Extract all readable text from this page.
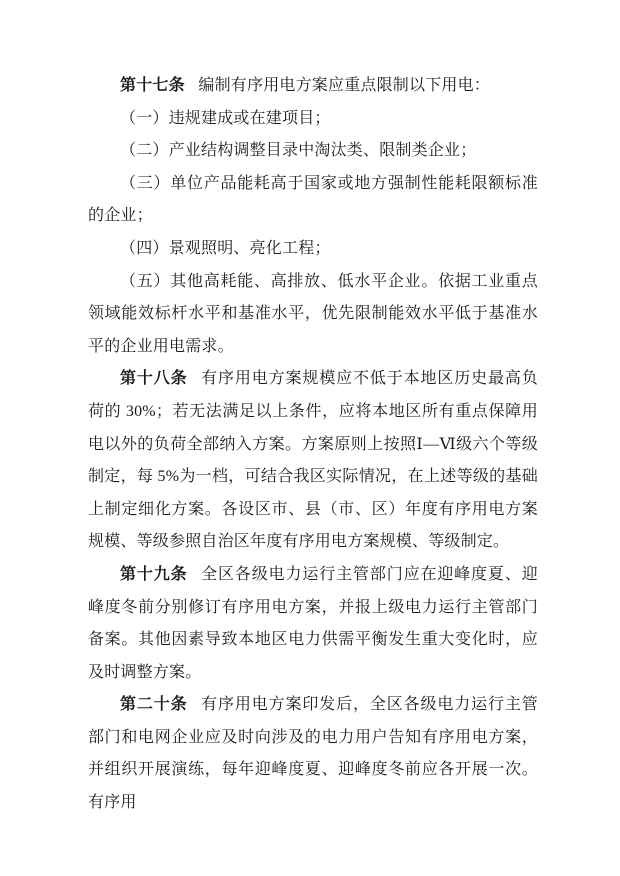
第十七条 编制有序用电方案应重点限制以下用电：

（一）违规建成或在建项目；

（二）产业结构调整目录中淘汰类、限制类企业；

（三）单位产品能耗高于国家或地方强制性能耗限额标准的企业；

（四）景观照明、亮化工程；

（五）其他高耗能、高排放、低水平企业。依据工业重点领域能效标杆水平和基准水平，优先限制能效水平低于基准水平的企业用电需求。

第十八条 有序用电方案规模应不低于本地区历史最高负荷的 30%；若无法满足以上条件，应将本地区所有重点保障用电以外的负荷全部纳入方案。方案原则上按照Ⅰ—Ⅵ级六个等级制定，每 5%为一档，可结合我区实际情况，在上述等级的基础上制定细化方案。各设区市、县（市、区）年度有序用电方案规模、等级参照自治区年度有序用电方案规模、等级制定。

第十九条 全区各级电力运行主管部门应在迎峰度夏、迎峰度冬前分别修订有序用电方案，并报上级电力运行主管部门备案。其他因素导致本地区电力供需平衡发生重大变化时，应及时调整方案。

第二十条 有序用电方案印发后，全区各级电力运行主管部门和电网企业应及时向涉及的电力用户告知有序用电方案，并组织开展演练，每年迎峰度夏、迎峰度冬前应各开展一次。有序用
